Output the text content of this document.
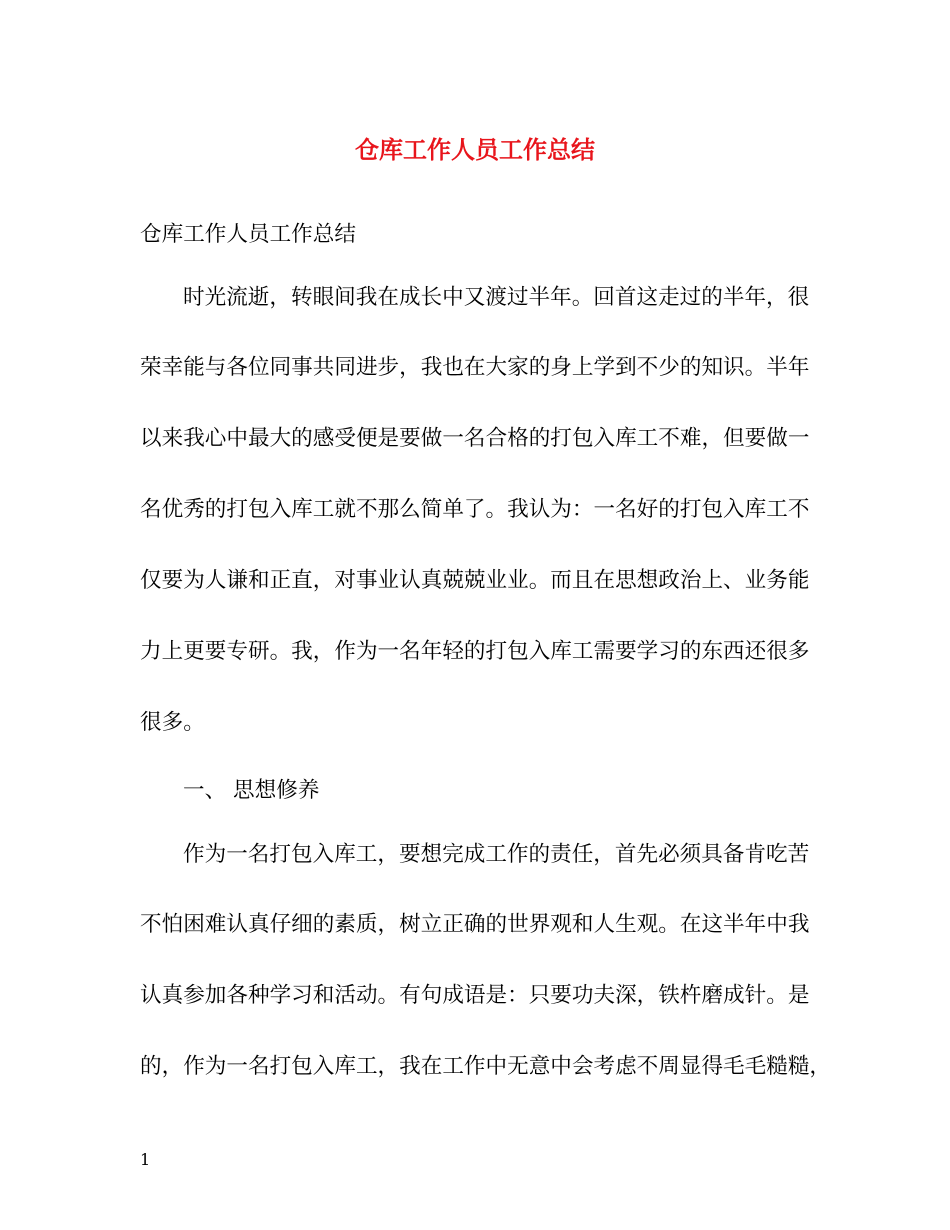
仓库工作人员工作总结
仓库工作人员工作总结
时光流逝，转眼间我在成长中又渡过半年。回首这走过的半年，很
荣幸能与各位同事共同进步，我也在大家的身上学到不少的知识。半年
以来我心中最大的感受便是要做一名合格的打包入库工不难，但要做一
名优秀的打包入库工就不那么简单了。我认为：一名好的打包入库工不
仅要为人谦和正直，对事业认真兢兢业业。而且在思想政治上、业务能
力上更要专研。我，作为一名年轻的打包入库工需要学习的东西还很多
很多。
一、 思想修养
作为一名打包入库工，要想完成工作的责任，首先必须具备肯吃苦
不怕困难认真仔细的素质，树立正确的世界观和人生观。在这半年中我
认真参加各种学习和活动。有句成语是：只要功夫深，铁杵磨成针。是
的，作为一名打包入库工，我在工作中无意中会考虑不周显得毛毛糙糙，
1
